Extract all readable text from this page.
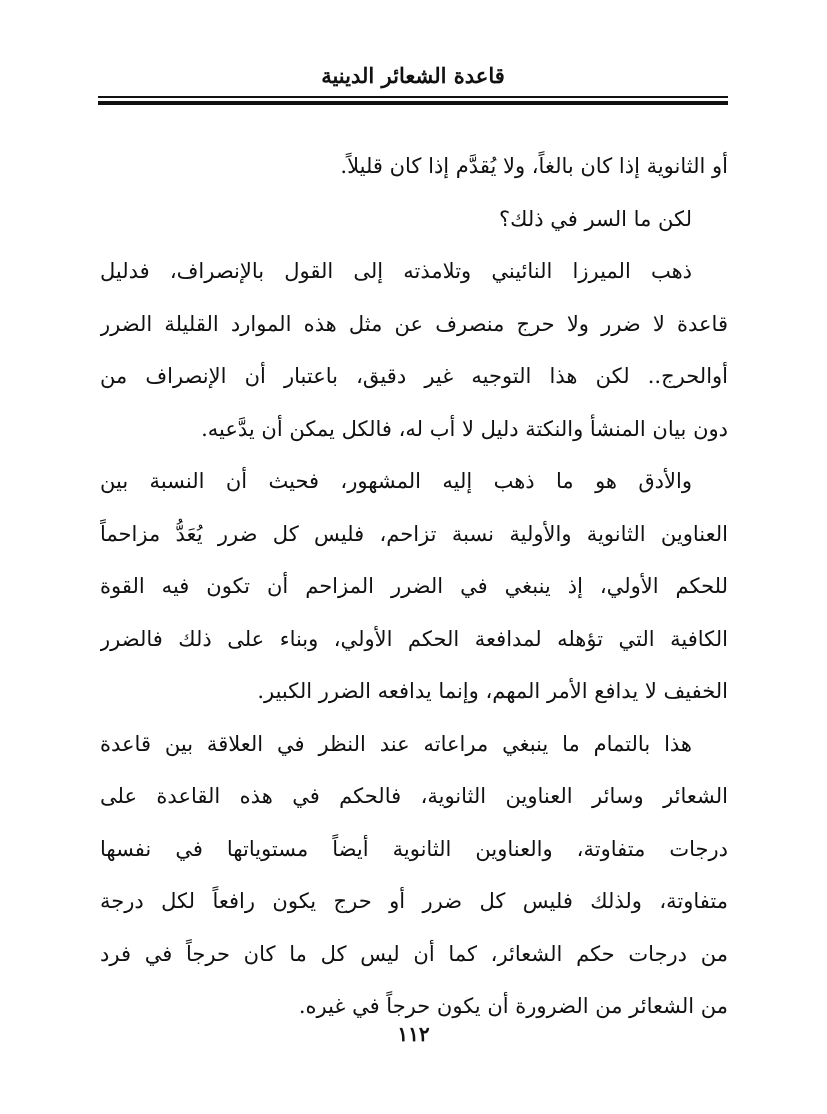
قاعدة الشعائر الدينية
أو الثانوية إذا كان بالغاً، ولا يُقدَّم إذا كان قليلاً.
لكن ما السر في ذلك؟
ذهب الميرزا النائيني وتلامذته إلى القول بالإنصراف، فدليل
قاعدة لا ضرر ولا حرج منصرف عن مثل هذه الموارد القليلة الضرر
أوالحرج.. لكن هذا التوجيه غير دقيق، باعتبار أن الإنصراف من
دون بيان المنشأ والنكتة دليل لا أب له، فالكل يمكن أن يدَّعيه.
والأدق هو ما ذهب إليه المشهور، فحيث أن النسبة بين
العناوين الثانوية والأولية نسبة تزاحم، فليس كل ضرر يُعَدُّ مزاحماً
للحكم الأولي، إذ ينبغي في الضرر المزاحم أن تكون فيه القوة
الكافية التي تؤهله لمدافعة الحكم الأولي، وبناء على ذلك فالضرر
الخفيف لا يدافع الأمر المهم، وإنما يدافعه الضرر الكبير.
هذا بالتمام ما ينبغي مراعاته عند النظر في العلاقة بين قاعدة
الشعائر وسائر العناوين الثانوية، فالحكم في هذه القاعدة على
درجات متفاوتة، والعناوين الثانوية أيضاً مستوياتها في نفسها
متفاوتة، ولذلك فليس كل ضرر أو حرج يكون رافعاً لكل درجة
من درجات حكم الشعائر، كما أن ليس كل ما كان حرجاً في فرد
من الشعائر من الضرورة أن يكون حرجاً في غيره.
١١٢
